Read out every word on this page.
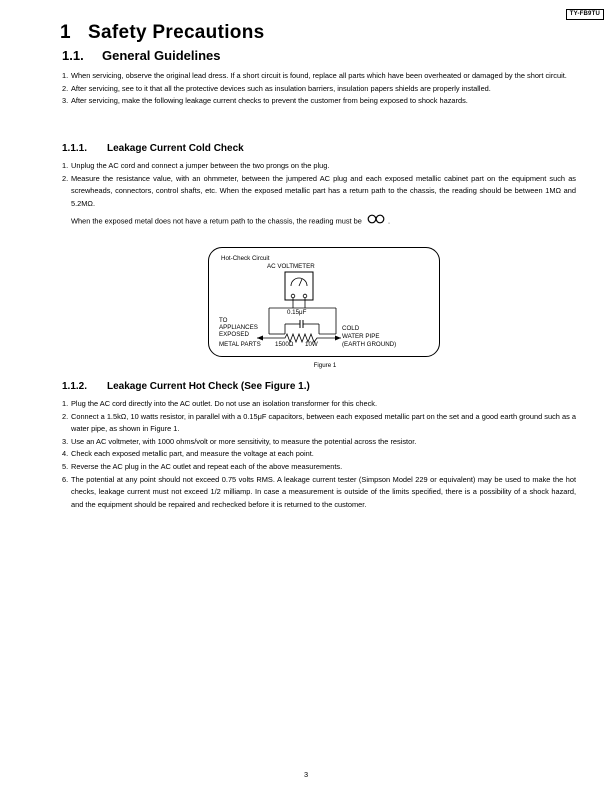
TY-FB9TU
1 Safety Precautions
1.1. General Guidelines
1. When servicing, observe the original lead dress. If a short circuit is found, replace all parts which have been overheated or damaged by the short circuit.
2. After servicing, see to it that all the protective devices such as insulation barriers, insulation papers shields are properly installed.
3. After servicing, make the following leakage current checks to prevent the customer from being exposed to shock hazards.
1.1.1. Leakage Current Cold Check
1. Unplug the AC cord and connect a jumper between the two prongs on the plug.
2. Measure the resistance value, with an ohmmeter, between the jumpered AC plug and each exposed metallic cabinet part on the equipment such as screwheads, connectors, control shafts, etc. When the exposed metallic part has a return path to the chassis, the reading should be between 1MΩ and 5.2MΩ.
When the exposed metal does not have a return path to the chassis, the reading must be	.
Hot-Check Circuit
AC VOLTMETER
0.15μF
TO
APPLIANCES
EXPOSED
METAL PARTS 1500Ω 10W
COLD
WATER PIPE
(EARTH GROUND)
Figure 1
1.1.2. Leakage Current Hot Check (See Figure 1.)
1. Plug the AC cord directly into the AC outlet. Do not use an isolation transformer for this check.
2. Connect a 1.5kΩ, 10 watts resistor, in parallel with a 0.15μF capacitors, between each exposed metallic part on the set and a good earth ground such as a water pipe, as shown in Figure 1.
3. Use an AC voltmeter, with 1000 ohms/volt or more sensitivity, to measure the potential across the resistor.
4. Check each exposed metallic part, and measure the voltage at each point.
5. Reverse the AC plug in the AC outlet and repeat each of the above measurements.
6. The potential at any point should not exceed 0.75 volts RMS. A leakage current tester (Simpson Model 229 or equivalent) may be used to make the hot checks, leakage current must not exceed 1/2 milliamp. In case a measurement is outside of the limits specified, there is a possibility of a shock hazard, and the equipment should be repaired and rechecked before it is returned to the customer.
3
